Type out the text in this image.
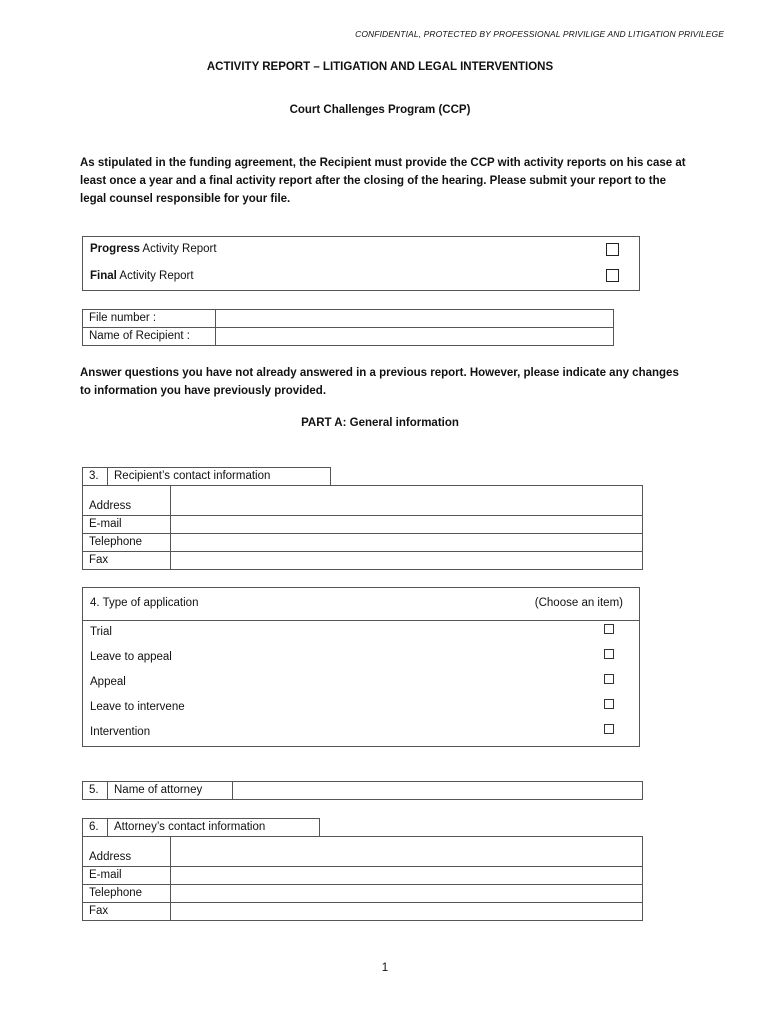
CONFIDENTIAL, PROTECTED BY PROFESSIONAL PRIVILIGE AND LITIGATION PRIVILEGE
ACTIVITY REPORT – LITIGATION AND LEGAL INTERVENTIONS
Court Challenges Program (CCP)
As stipulated in the funding agreement, the Recipient must provide the CCP with activity reports on his case at least once a year and a final activity report after the closing of the hearing. Please submit your report to the legal counsel responsible for your file.
Progress Activity Report
Final Activity Report
File number :	
Name of Recipient :	
Answer questions you have not already answered in a previous report. However, please indicate any changes to information you have previously provided.
PART A: General information
3.	Recipient’s contact information
Address	
E-mail	
Telephone	
Fax	
4. Type of application	(Choose an item)
Trial
Leave to appeal
Appeal
Leave to intervene
Intervention
5.	Name of attorney	
6.	Attorney’s contact information
Address	
E-mail	
Telephone	
Fax	
1
